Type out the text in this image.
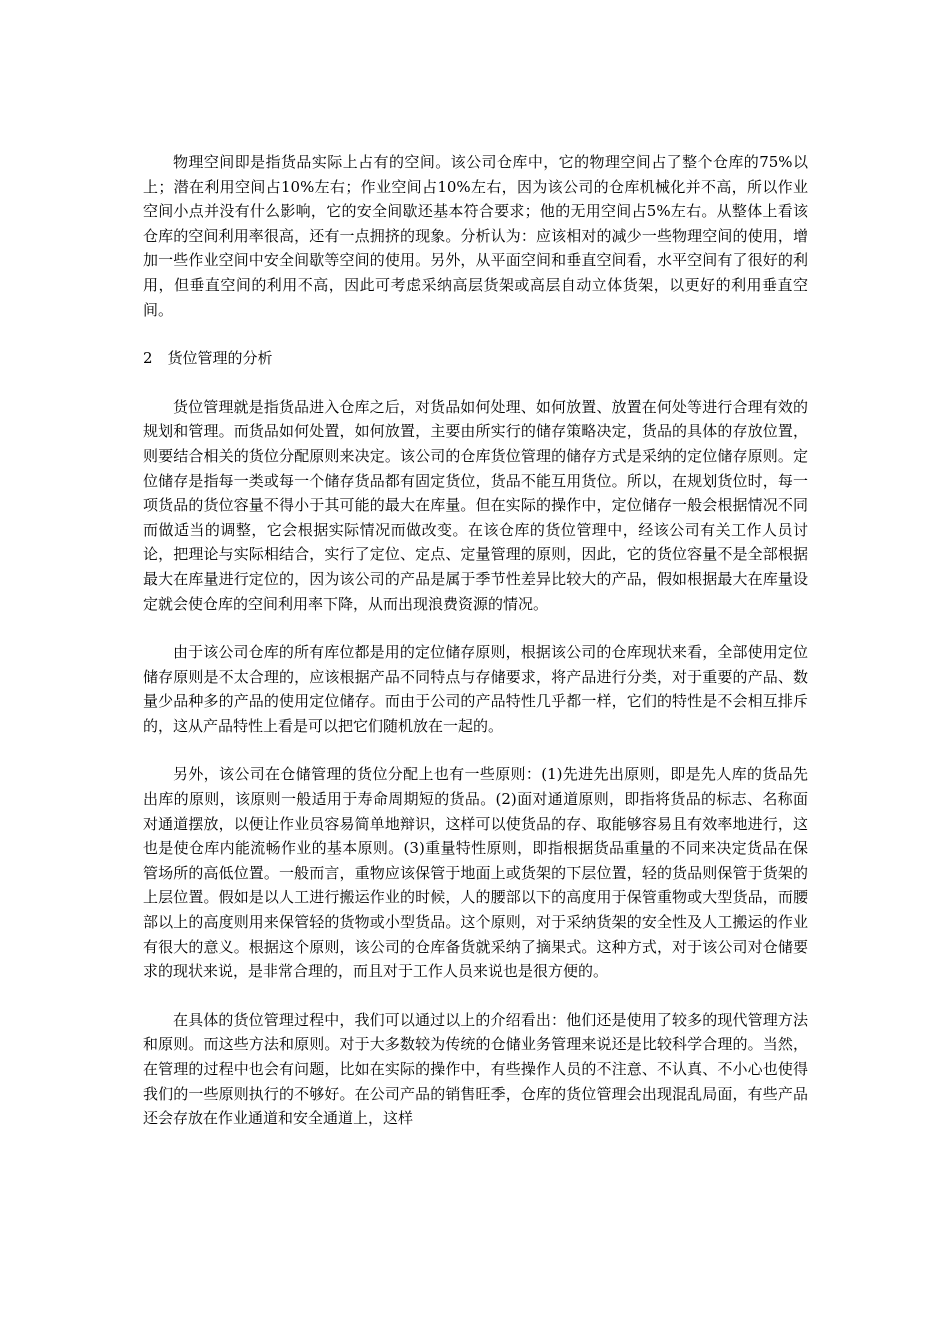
物理空间即是指货品实际上占有的空间。该公司仓库中，它的物理空间占了整个仓库的75%以上；潜在利用空间占10%左右；作业空间占10%左右，因为该公司的仓库机械化并不高，所以作业空间小点并没有什么影响，它的安全间歇还基本符合要求；他的无用空间占5%左右。从整体上看该仓库的空间利用率很高，还有一点拥挤的现象。分析认为：应该相对的减少一些物理空间的使用，增加一些作业空间中安全间歇等空间的使用。另外，从平面空间和垂直空间看，水平空间有了很好的利用，但垂直空间的利用不高，因此可考虑采纳高层货架或高层自动立体货架，以更好的利用垂直空间。

2　货位管理的分析

货位管理就是指货品进入仓库之后，对货品如何处理、如何放置、放置在何处等进行合理有效的规划和管理。而货品如何处置，如何放置，主要由所实行的储存策略决定，货品的具体的存放位置，则要结合相关的货位分配原则来决定。该公司的仓库货位管理的储存方式是采纳的定位储存原则。定位储存是指每一类或每一个储存货品都有固定货位，货品不能互用货位。所以，在规划货位时，每一项货品的货位容量不得小于其可能的最大在库量。但在实际的操作中，定位储存一般会根据情况不同而做适当的调整，它会根据实际情况而做改变。在该仓库的货位管理中，经该公司有关工作人员讨论，把理论与实际相结合，实行了定位、定点、定量管理的原则，因此，它的货位容量不是全部根据最大在库量进行定位的，因为该公司的产品是属于季节性差异比较大的产品，假如根据最大在库量设定就会使仓库的空间利用率下降，从而出现浪费资源的情况。

由于该公司仓库的所有库位都是用的定位储存原则，根据该公司的仓库现状来看，全部使用定位储存原则是不太合理的，应该根据产品不同特点与存储要求，将产品进行分类，对于重要的产品、数量少品种多的产品的使用定位储存。而由于公司的产品特性几乎都一样，它们的特性是不会相互排斥的，这从产品特性上看是可以把它们随机放在一起的。

另外，该公司在仓储管理的货位分配上也有一些原则：(1)先进先出原则，即是先人库的货品先出库的原则，该原则一般适用于寿命周期短的货品。(2)面对通道原则，即指将货品的标志、名称面对通道摆放，以便让作业员容易简单地辩识，这样可以使货品的存、取能够容易且有效率地进行，这也是使仓库内能流畅作业的基本原则。(3)重量特性原则，即指根据货品重量的不同来决定货品在保管场所的高低位置。一般而言，重物应该保管于地面上或货架的下层位置，轻的货品则保管于货架的上层位置。假如是以人工进行搬运作业的时候，人的腰部以下的高度用于保管重物或大型货品，而腰部以上的高度则用来保管轻的货物或小型货品。这个原则，对于采纳货架的安全性及人工搬运的作业有很大的意义。根据这个原则，该公司的仓库备货就采纳了摘果式。这种方式，对于该公司对仓储要求的现状来说，是非常合理的，而且对于工作人员来说也是很方便的。

在具体的货位管理过程中，我们可以通过以上的介绍看出：他们还是使用了较多的现代管理方法和原则。而这些方法和原则。对于大多数较为传统的仓储业务管理来说还是比较科学合理的。当然，在管理的过程中也会有问题，比如在实际的操作中，有些操作人员的不注意、不认真、不小心也使得我们的一些原则执行的不够好。在公司产品的销售旺季，仓库的货位管理会出现混乱局面，有些产品还会存放在作业通道和安全通道上，这样
